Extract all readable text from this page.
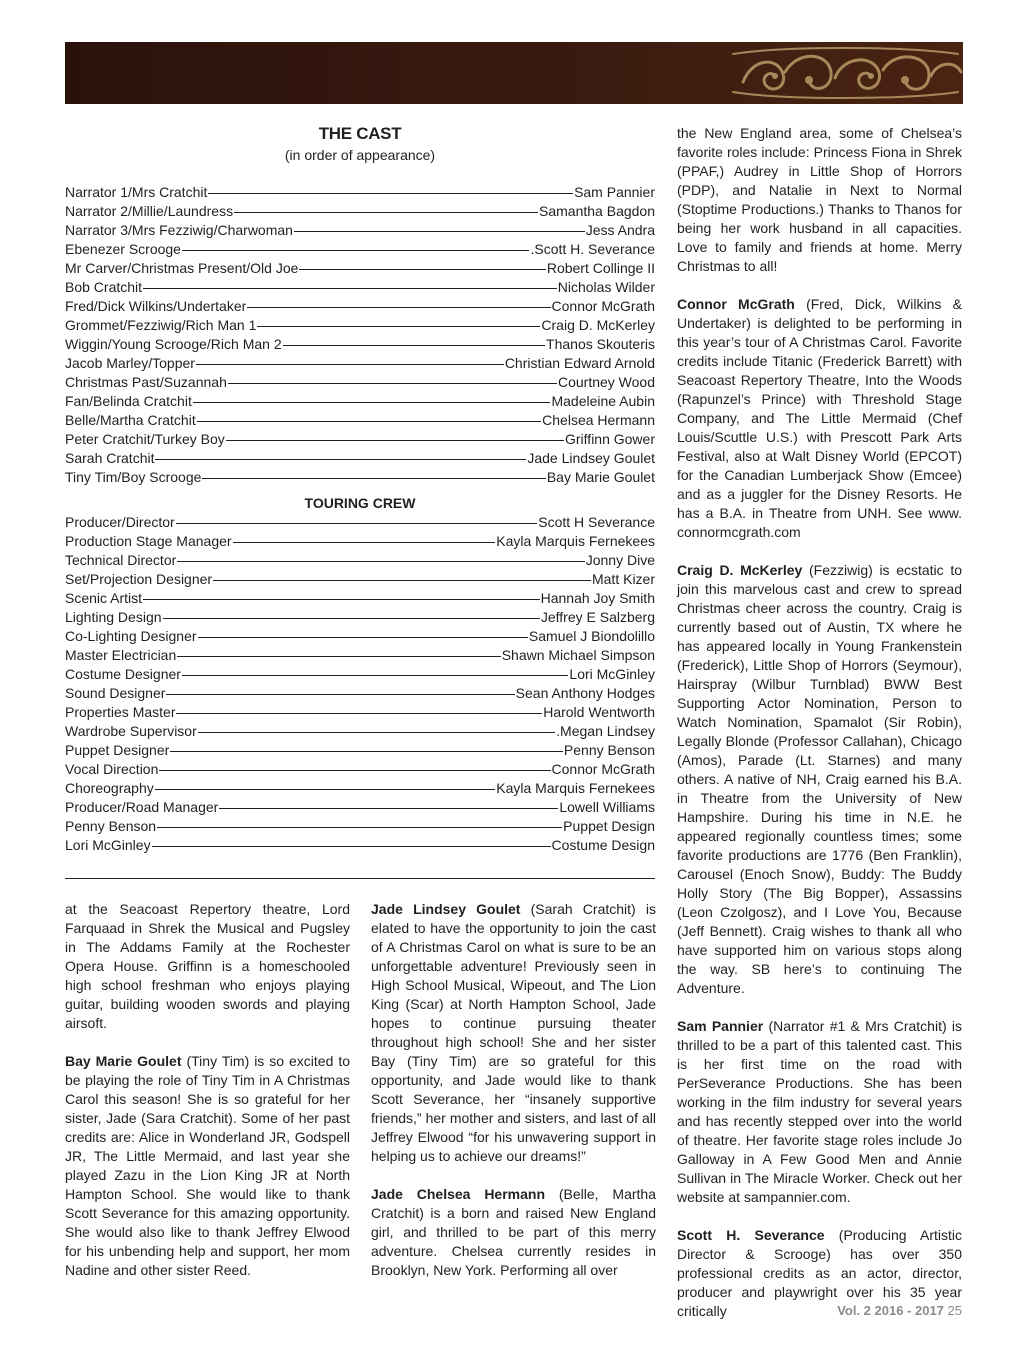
THE CAST
(in order of appearance)
Narrator 1/Mrs Cratchit	Sam Pannier
Narrator 2/Millie/Laundress	Samantha Bagdon
Narrator 3/Mrs Fezziwig/Charwoman	Jess Andra
Ebenezer Scrooge	.Scott H. Severance
Mr Carver/Christmas Present/Old Joe	Robert Collinge II
Bob Cratchit	Nicholas Wilder
Fred/Dick Wilkins/Undertaker	Connor McGrath
Grommet/Fezziwig/Rich Man 1	Craig D. McKerley
Wiggin/Young Scrooge/Rich Man 2	Thanos Skouteris
Jacob Marley/Topper	Christian Edward Arnold
Christmas Past/Suzannah	Courtney Wood
Fan/Belinda Cratchit	Madeleine Aubin
Belle/Martha Cratchit	Chelsea Hermann
Peter Cratchit/Turkey Boy	Griffinn Gower
Sarah Cratchit	Jade Lindsey Goulet
Tiny Tim/Boy Scrooge	Bay Marie Goulet
TOURING CREW
Producer/Director	Scott H Severance
Production Stage Manager	Kayla Marquis Fernekees
Technical Director	Jonny Dive
Set/Projection Designer	Matt Kizer
Scenic Artist	Hannah Joy Smith
Lighting Design	Jeffrey E Salzberg
Co-Lighting Designer	Samuel J Biondolillo
Master Electrician	Shawn Michael Simpson
Costume Designer	Lori McGinley
Sound Designer	Sean Anthony Hodges
Properties Master	Harold Wentworth
Wardrobe Supervisor	.Megan Lindsey
Puppet Designer	Penny Benson
Vocal Direction	Connor McGrath
Choreography	Kayla Marquis Fernekees
Producer/Road Manager	Lowell Williams
Penny Benson	Puppet Design
Lori McGinley	Costume Design

at the Seacoast Repertory theatre, Lord Farquaad in Shrek the Musical and Pugsley in The Addams Family at the Rochester Opera House. Griffinn is a homeschooled high school freshman who enjoys playing guitar, building wooden swords and playing airsoft.

Bay Marie Goulet (Tiny Tim) is so excited to be playing the role of Tiny Tim in A Christmas Carol this season! She is so grateful for her sister, Jade (Sara Cratchit). Some of her past credits are: Alice in Wonderland JR, Godspell JR, The Little Mermaid, and last year she played Zazu in the Lion King JR at North Hampton School. She would like to thank Scott Severance for this amazing opportunity. She would also like to thank Jeffrey Elwood for his unbending help and support, her mom Nadine and other sister Reed.

Jade Lindsey Goulet (Sarah Cratchit) is elated to have the opportunity to join the cast of A Christmas Carol on what is sure to be an unforgettable adventure! Previously seen in High School Musical, Wipeout, and The Lion King (Scar) at North Hampton School, Jade hopes to continue pursuing theater throughout high school! She and her sister Bay (Tiny Tim) are so grateful for this opportunity, and Jade would like to thank Scott Severance, her “insanely supportive friends,” her mother and sisters, and last of all Jeffrey Elwood “for his unwavering support in helping us to achieve our dreams!”

Jade Chelsea Hermann (Belle, Martha Cratchit) is a born and raised New England girl, and thrilled to be part of this merry adventure. Chelsea currently resides in Brooklyn, New York. Performing all over

the New England area, some of Chelsea’s favorite roles include: Princess Fiona in Shrek (PPAF,) Audrey in Little Shop of Horrors (PDP), and Natalie in Next to Normal (Stoptime Productions.) Thanks to Thanos for being her work husband in all capacities. Love to family and friends at home. Merry Christmas to all!

Connor McGrath (Fred, Dick, Wilkins & Undertaker) is delighted to be performing in this year’s tour of A Christmas Carol. Favorite credits include Titanic (Frederick Barrett) with Seacoast Repertory Theatre, Into the Woods (Rapunzel’s Prince) with Threshold Stage Company, and The Little Mermaid (Chef Louis/Scuttle U.S.) with Prescott Park Arts Festival, also at Walt Disney World (EPCOT) for the Canadian Lumberjack Show (Emcee) and as a juggler for the Disney Resorts. He has a B.A. in Theatre from UNH. See www. connormcgrath.com

Craig D. McKerley (Fezziwig) is ecstatic to join this marvelous cast and crew to spread Christmas cheer across the country. Craig is currently based out of Austin, TX where he has appeared locally in Young Frankenstein (Frederick), Little Shop of Horrors (Seymour), Hairspray (Wilbur Turnblad) BWW Best Supporting Actor Nomination, Person to Watch Nomination, Spamalot (Sir Robin), Legally Blonde (Professor Callahan), Chicago (Amos), Parade (Lt. Starnes) and many others. A native of NH, Craig earned his B.A. in Theatre from the University of New Hampshire. During his time in N.E. he appeared regionally countless times; some favorite productions are 1776 (Ben Franklin), Carousel (Enoch Snow), Buddy: The Buddy Holly Story (The Big Bopper), Assassins (Leon Czolgosz), and I Love You, Because (Jeff Bennett). Craig wishes to thank all who have supported him on various stops along the way. SB here’s to continuing The Adventure.

Sam Pannier (Narrator #1 & Mrs Cratchit) is thrilled to be a part of this talented cast. This is her first time on the road with PerSeverance Productions. She has been working in the film industry for several years and has recently stepped over into the world of theatre. Her favorite stage roles include Jo Galloway in A Few Good Men and Annie Sullivan in The Miracle Worker. Check out her website at sampannier.com.

Scott H. Severance (Producing Artistic Director & Scrooge) has over 350 professional credits as an actor, director, producer and playwright over his 35 year critically	Vol. 2 2016 - 2017 25
